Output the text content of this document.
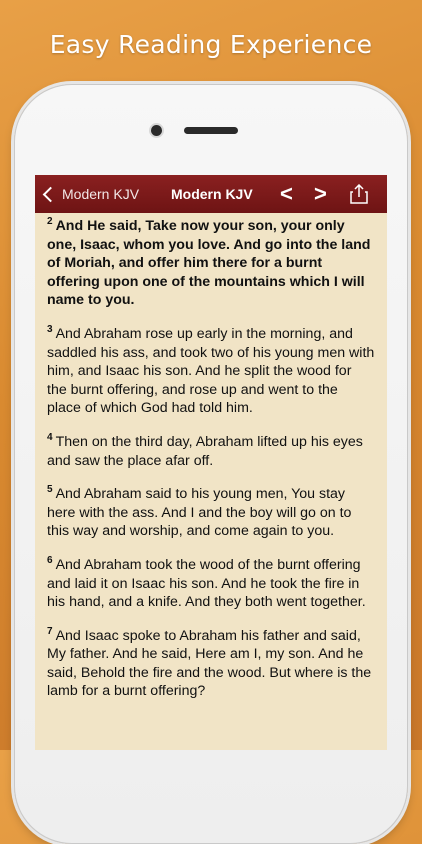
Easy Reading Experience
Modern KJV Modern KJV < >

$^2$ And He said, Take now your son, your only one, Isaac, whom you love. And go into the land of Moriah, and offer him there for a burnt offering upon one of the mountains which I will name to you.

$^3$ And Abraham rose up early in the morning, and saddled his ass, and took two of his young men with him, and Isaac his son. And he split the wood for the burnt offering, and rose up and went to the place of which God had told him.

$^4$ Then on the third day, Abraham lifted up his eyes and saw the place afar off.

$^5$ And Abraham said to his young men, You stay here with the ass. And I and the boy will go on to this way and worship, and come again to you.

$^6$ And Abraham took the wood of the burnt offering and laid it on Isaac his son. And he took the fire in his hand, and a knife. And they both went together.

$^7$ And Isaac spoke to Abraham his father and said, My father. And he said, Here am I, my son. And he said, Behold the fire and the wood. But where is the lamb for a burnt offering?
